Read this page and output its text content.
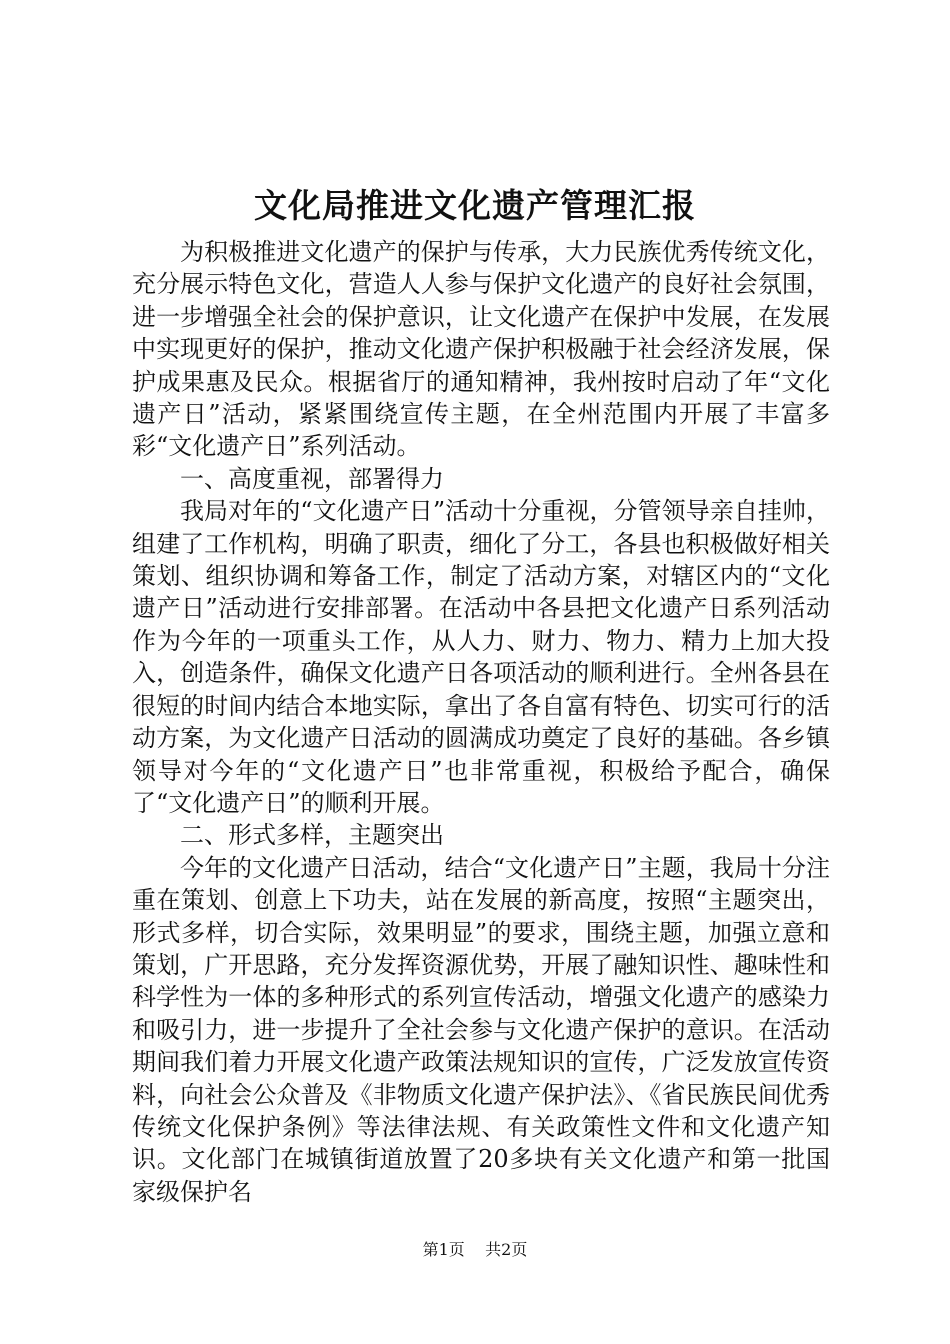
文化局推进文化遗产管理汇报

为积极推进文化遗产的保护与传承，大力民族优秀传统文化，充分展示特色文化，营造人人参与保护文化遗产的良好社会氛围，进一步增强全社会的保护意识，让文化遗产在保护中发展，在发展中实现更好的保护，推动文化遗产保护积极融于社会经济发展，保护成果惠及民众。根据省厅的通知精神，我州按时启动了年“文化遗产日”活动，紧紧围绕宣传主题，在全州范围内开展了丰富多彩“文化遗产日”系列活动。

一、高度重视，部署得力

我局对年的“文化遗产日”活动十分重视，分管领导亲自挂帅，组建了工作机构，明确了职责，细化了分工，各县也积极做好相关策划、组织协调和筹备工作，制定了活动方案，对辖区内的“文化遗产日”活动进行安排部署。在活动中各县把文化遗产日系列活动作为今年的一项重头工作，从人力、财力、物力、精力上加大投入，创造条件，确保文化遗产日各项活动的顺利进行。全州各县在很短的时间内结合本地实际，拿出了各自富有特色、切实可行的活动方案，为文化遗产日活动的圆满成功奠定了良好的基础。各乡镇领导对今年的“文化遗产日”也非常重视，积极给予配合，确保了“文化遗产日”的顺利开展。

二、形式多样，主题突出

今年的文化遗产日活动，结合“文化遗产日”主题，我局十分注重在策划、创意上下功夫，站在发展的新高度，按照“主题突出，形式多样，切合实际，效果明显”的要求，围绕主题，加强立意和策划，广开思路，充分发挥资源优势，开展了融知识性、趣味性和科学性为一体的多种形式的系列宣传活动，增强文化遗产的感染力和吸引力，进一步提升了全社会参与文化遗产保护的意识。在活动期间我们着力开展文化遗产政策法规知识的宣传，广泛发放宣传资料，向社会公众普及《非物质文化遗产保护法》、《省民族民间优秀传统文化保护条例》等法律法规、有关政策性文件和文化遗产知识。文化部门在城镇街道放置了20多块有关文化遗产和第一批国家级保护名

第1页 共2页
